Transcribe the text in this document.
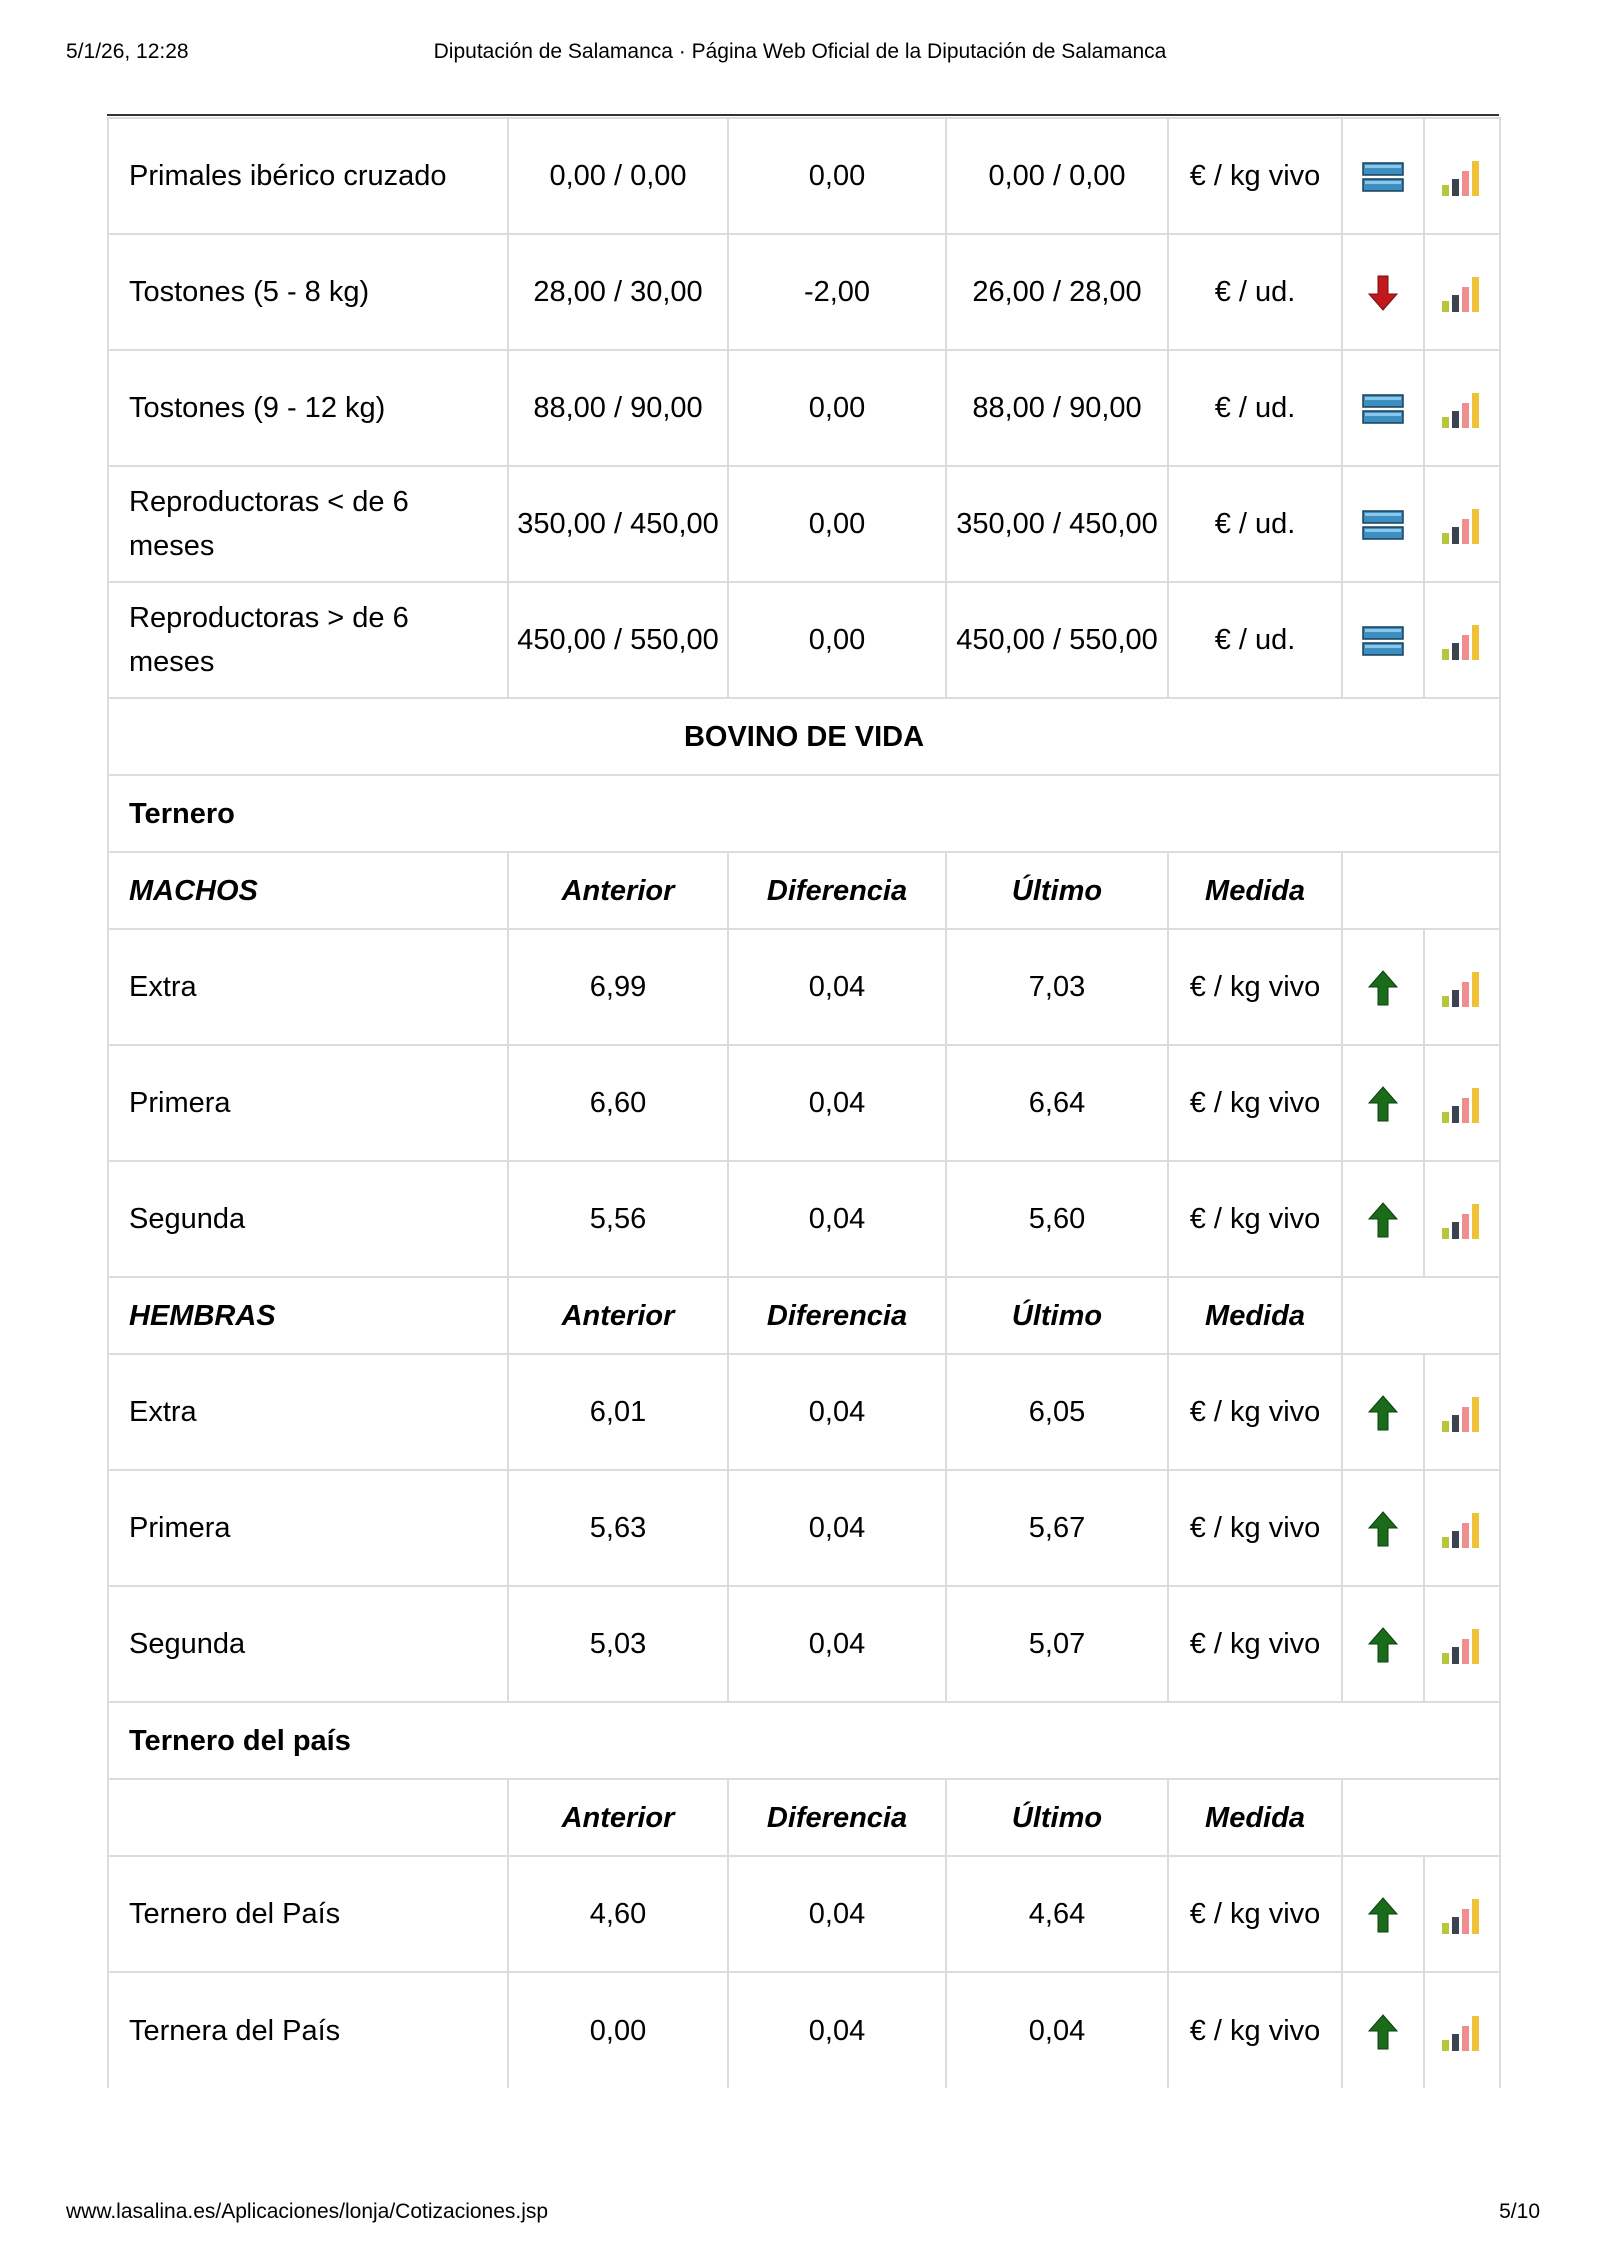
5/1/26, 12:28	Diputación de Salamanca · Página Web Oficial de la Diputación de Salamanca
Primales ibérico cruzado	0,00 / 0,00	0,00	0,00 / 0,00	€ / kg vivo		
Tostones (5 - 8 kg)	28,00 / 30,00	-2,00	26,00 / 28,00	€ / ud.		
Tostones (9 - 12 kg)	88,00 / 90,00	0,00	88,00 / 90,00	€ / ud.		
Reproductoras < de 6 meses	350,00 / 450,00	0,00	350,00 / 450,00	€ / ud.		
Reproductoras > de 6 meses	450,00 / 550,00	0,00	450,00 / 550,00	€ / ud.		
BOVINO DE VIDA						
Ternero						
MACHOS	Anterior	Diferencia	Último	Medida		
Extra	6,99	0,04	7,03	€ / kg vivo		
Primera	6,60	0,04	6,64	€ / kg vivo		
Segunda	5,56	0,04	5,60	€ / kg vivo		
HEMBRAS	Anterior	Diferencia	Último	Medida		
Extra	6,01	0,04	6,05	€ / kg vivo		
Primera	5,63	0,04	5,67	€ / kg vivo		
Segunda	5,03	0,04	5,07	€ / kg vivo		
Ternero del país						
	Anterior	Diferencia	Último	Medida		
Ternero del País	4,60	0,04	4,64	€ / kg vivo		
Ternera del País	0,00	0,04	0,04	€ / kg vivo		
www.lasalina.es/Aplicaciones/lonja/Cotizaciones.jsp	5/10
